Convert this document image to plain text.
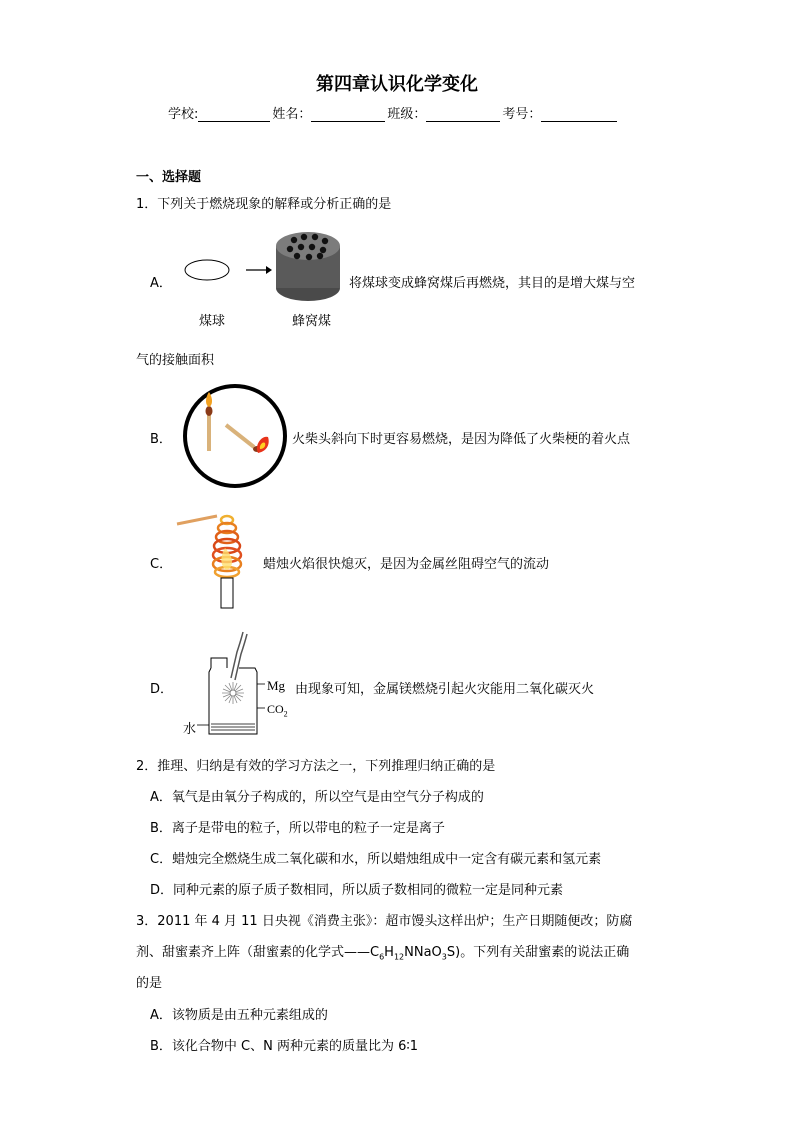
第四章认识化学变化
学校:	姓名：	班级：	考号：
一、选择题
1．下列关于燃烧现象的解释或分析正确的是
A．
煤球	蜂窝煤
将煤球变成蜂窝煤后再燃烧，其目的是增大煤与空
气的接触面积
B．	火柴头斜向下时更容易燃烧，是因为降低了火柴梗的着火点
C．	蜡烛火焰很快熄灭，是因为金属丝阻碍空气的流动
D．	Mg
$CO_2$
水
由现象可知，金属镁燃烧引起火灾能用二氧化碳灭火
2．推理、归纳是有效的学习方法之一，下列推理归纳正确的是
A．氧气是由氧分子构成的，所以空气是由空气分子构成的
B．离子是带电的粒子，所以带电的粒子一定是离子
C．蜡烛完全燃烧生成二氧化碳和水，所以蜡烛组成中一定含有碳元素和氢元素
D．同种元素的原子质子数相同，所以质子数相同的微粒一定是同种元素
3．2011 年 4 月 11 日央视《消费主张》：超市馒头这样出炉；生产日期随便改；防腐
剂、甜蜜素齐上阵（甜蜜素的化学式$——C_6H_{12}NNaO_3S$)。下列有关甜蜜素的说法正确
的是
A．该物质是由五种元素组成的
B．该化合物中 C、N 两种元素的质量比为 6∶1
